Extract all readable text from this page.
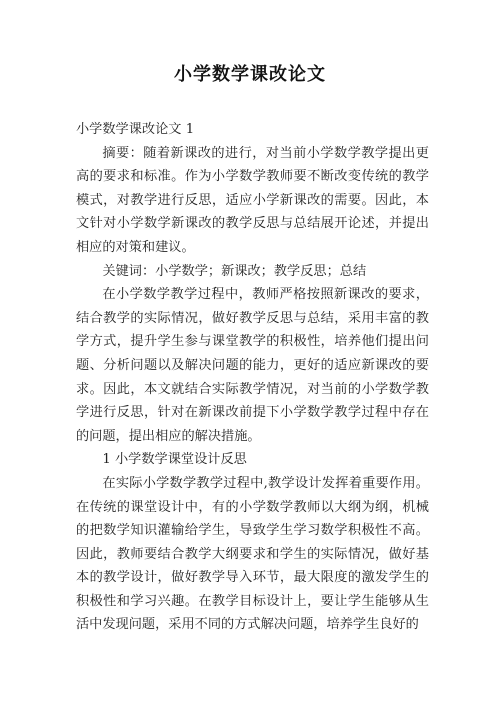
小学数学课改论文

小学数学课改论文 1

摘要：随着新课改的进行，对当前小学数学教学提出更高的要求和标准。作为小学数学教师要不断改变传统的教学模式，对教学进行反思，适应小学新课改的需要。因此，本文针对小学数学新课改的教学反思与总结展开论述，并提出相应的对策和建议。

关键词：小学数学；新课改；教学反思；总结

在小学数学教学过程中，教师严格按照新课改的要求，结合教学的实际情况，做好教学反思与总结，采用丰富的教学方式，提升学生参与课堂教学的积极性，培养他们提出问题、分析问题以及解决问题的能力，更好的适应新课改的要求。因此，本文就结合实际教学情况，对当前的小学数学教学进行反思，针对在新课改前提下小学数学教学过程中存在的问题，提出相应的解决措施。

1 小学数学课堂设计反思

在实际小学数学教学过程中,教学设计发挥着重要作用。在传统的课堂设计中，有的小学数学教师以大纲为纲，机械的把数学知识灌输给学生，导致学生学习数学积极性不高。因此，教师要结合教学大纲要求和学生的实际情况，做好基本的教学设计，做好教学导入环节，最大限度的激发学生的积极性和学习兴趣。在教学目标设计上，要让学生能够从生活中发现问题，采用不同的方式解决问题，培养学生良好的
